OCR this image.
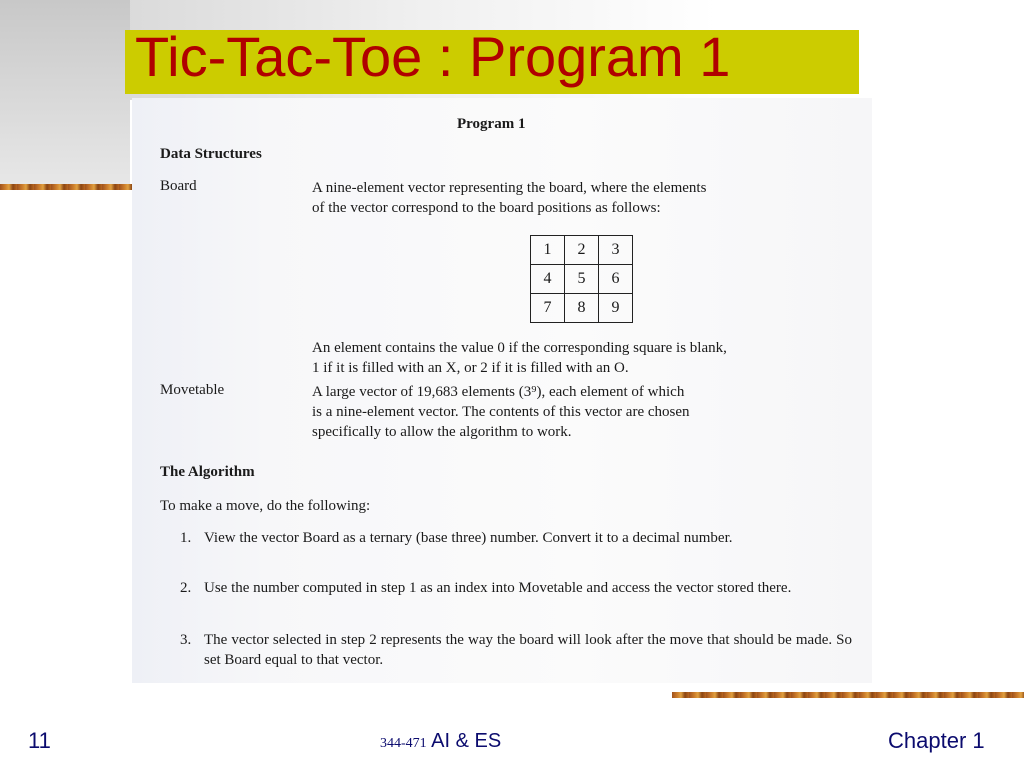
Tic-Tac-Toe : Program 1
Program 1
Data Structures
Board	A nine-element vector representing the board, where the elements
of the vector correspond to the board positions as follows:
1	2	3
4	5	6
7	8	9
An element contains the value 0 if the corresponding square is blank,
1 if it is filled with an X, or 2 if it is filled with an O.
Movetable	A large vector of 19,683 elements (3⁹), each element of which
is a nine-element vector. The contents of this vector are chosen
specifically to allow the algorithm to work.
The Algorithm
To make a move, do the following:
1. View the vector Board as a ternary (base three) number. Convert it to a decimal number.
2. Use the number computed in step 1 as an index into Movetable and access the vector stored there.
3. The vector selected in step 2 represents the way the board will look after the move that should be made. So set Board equal to that vector.
11	344-471 AI & ES	Chapter 1
